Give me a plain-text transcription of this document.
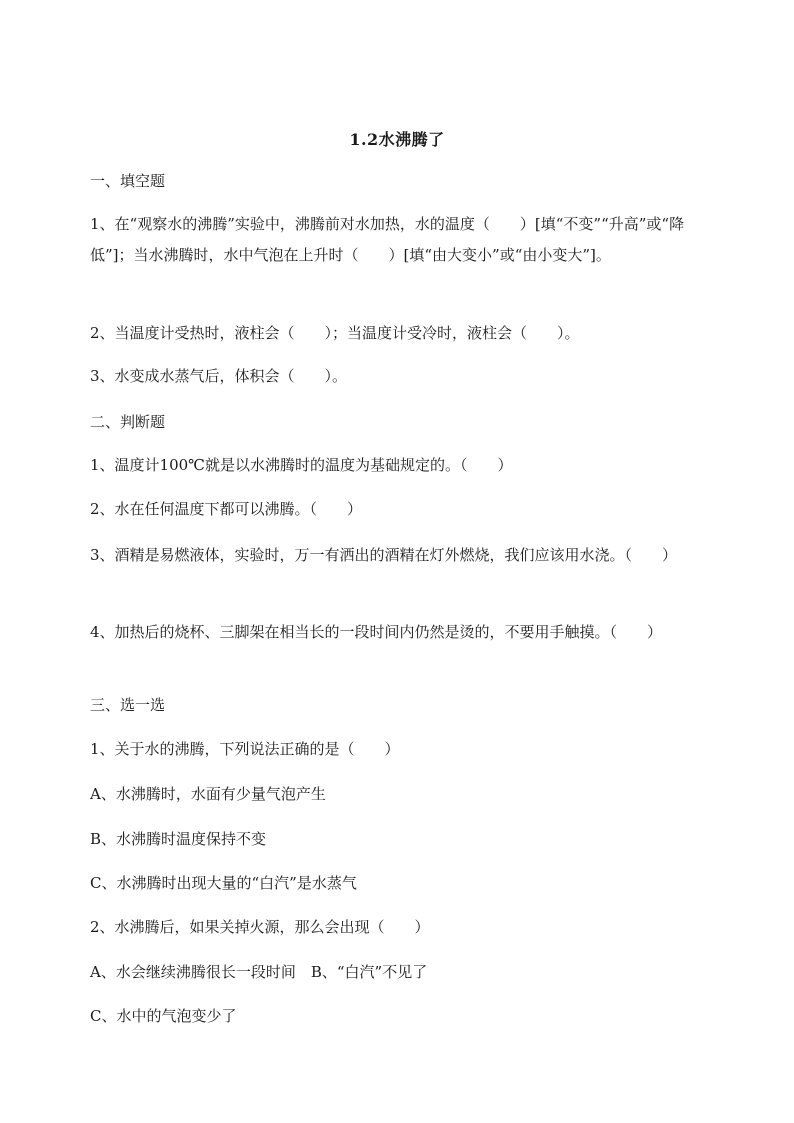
1.2水沸腾了
一、填空题
1、在“观察水的沸腾”实验中，沸腾前对水加热，水的温度（　　）[填“不变”“升高”或“降低”]；当水沸腾时，水中气泡在上升时（　　）[填“由大变小”或“由小变大”]。
2、当温度计受热时，液柱会（　　）；当温度计受冷时，液柱会（　　）。
3、水变成水蒸气后，体积会（　　）。
二、判断题
1、温度计100℃就是以水沸腾时的温度为基础规定的。（　　）
2、水在任何温度下都可以沸腾。（　　）
3、酒精是易燃液体，实验时，万一有洒出的酒精在灯外燃烧，我们应该用水浇。（　　）
4、加热后的烧杯、三脚架在相当长的一段时间内仍然是烫的，不要用手触摸。（　　）
三、选一选
1、关于水的沸腾，下列说法正确的是（　　）
A、水沸腾时，水面有少量气泡产生
B、水沸腾时温度保持不变
C、水沸腾时出现大量的“白汽”是水蒸气
2、水沸腾后，如果关掉火源，那么会出现（　　）
A、水会继续沸腾很长一段时间　B、“白汽”不见了
C、水中的气泡变少了
